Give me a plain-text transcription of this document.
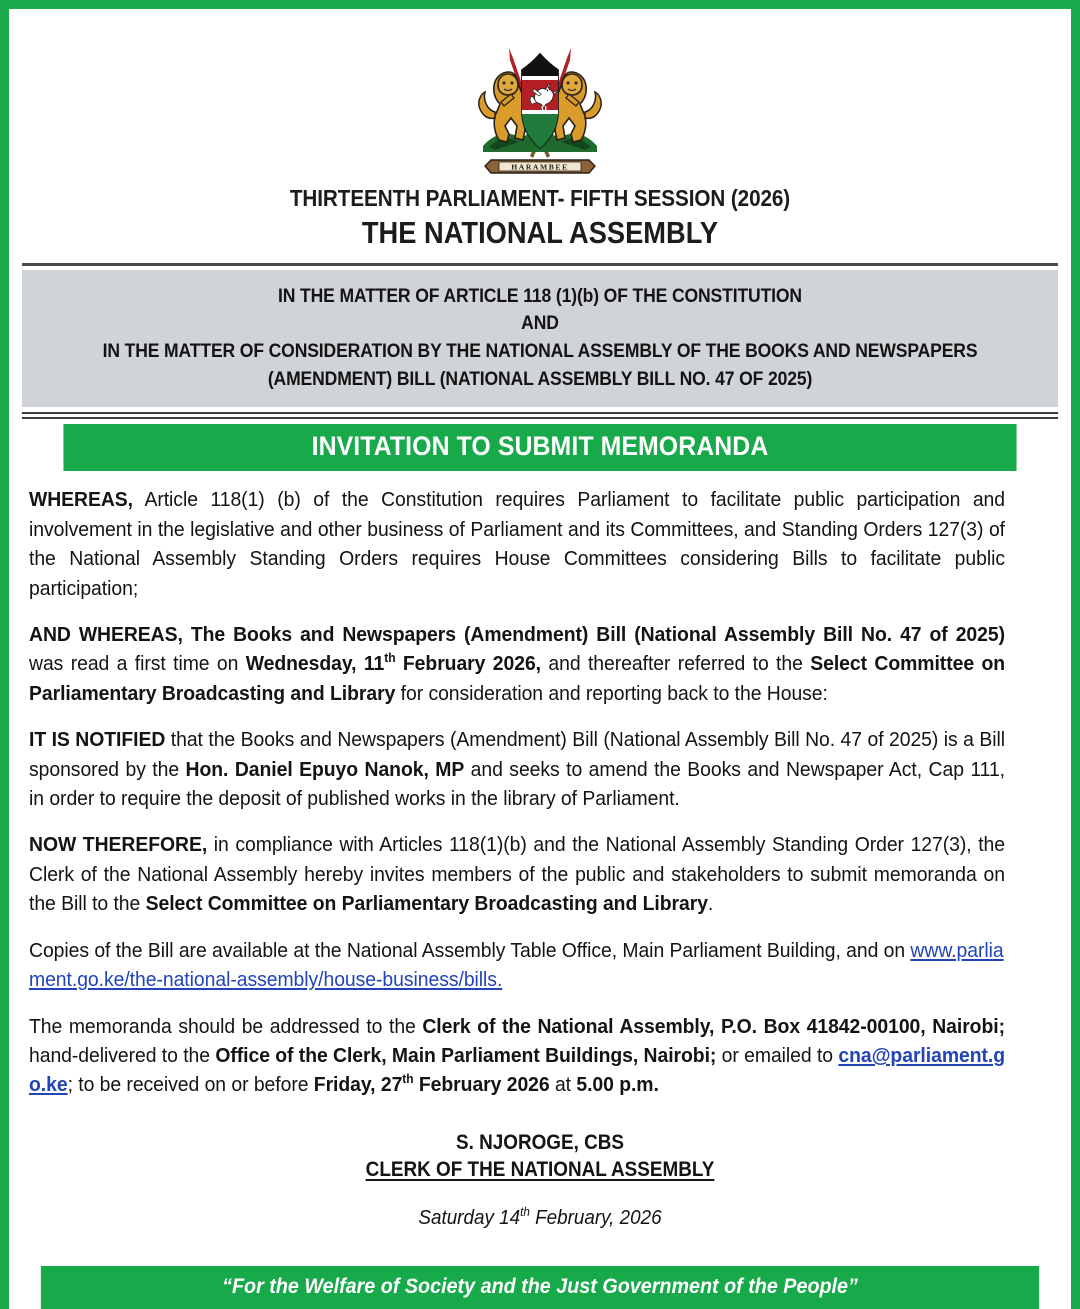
HARAMBEE
THIRTEENTH PARLIAMENT- FIFTH SESSION (2026)
THE NATIONAL ASSEMBLY
IN THE MATTER OF ARTICLE 118 (1)(b) OF THE CONSTITUTION
AND
IN THE MATTER OF CONSIDERATION BY THE NATIONAL ASSEMBLY OF THE BOOKS AND NEWSPAPERS
(AMENDMENT) BILL (NATIONAL ASSEMBLY BILL NO. 47 OF 2025)
INVITATION TO SUBMIT MEMORANDA

WHEREAS, Article 118(1) (b) of the Constitution requires Parliament to facilitate public participation and involvement in the legislative and other business of Parliament and its Committees, and Standing Orders 127(3) of the National Assembly Standing Orders requires House Committees considering Bills to facilitate public participation;

AND WHEREAS, The Books and Newspapers (Amendment) Bill (National Assembly Bill No. 47 of 2025) was read a first time on Wednesday, 11th February 2026, and thereafter referred to the Select Committee on Parliamentary Broadcasting and Library for consideration and reporting back to the House:

IT IS NOTIFIED that the Books and Newspapers (Amendment) Bill (National Assembly Bill No. 47 of 2025) is a Bill sponsored by the Hon. Daniel Epuyo Nanok, MP and seeks to amend the Books and Newspaper Act, Cap 111, in order to require the deposit of published works in the library of Parliament.

NOW THEREFORE, in compliance with Articles 118(1)(b) and the National Assembly Standing Order 127(3), the Clerk of the National Assembly hereby invites members of the public and stakeholders to submit memoranda on the Bill to the Select Committee on Parliamentary Broadcasting and Library.

Copies of the Bill are available at the National Assembly Table Office, Main Parliament Building, and on www.parliament.go.ke/the-national-assembly/house-business/bills.

The memoranda should be addressed to the Clerk of the National Assembly, P.O. Box 41842-00100, Nairobi; hand-delivered to the Office of the Clerk, Main Parliament Buildings, Nairobi; or emailed to cna@parliament.go.ke; to be received on or before Friday, 27th February 2026 at 5.00 p.m.

S. NJOROGE, CBS
CLERK OF THE NATIONAL ASSEMBLY
Saturday 14th February, 2026
“For the Welfare of Society and the Just Government of the People”
